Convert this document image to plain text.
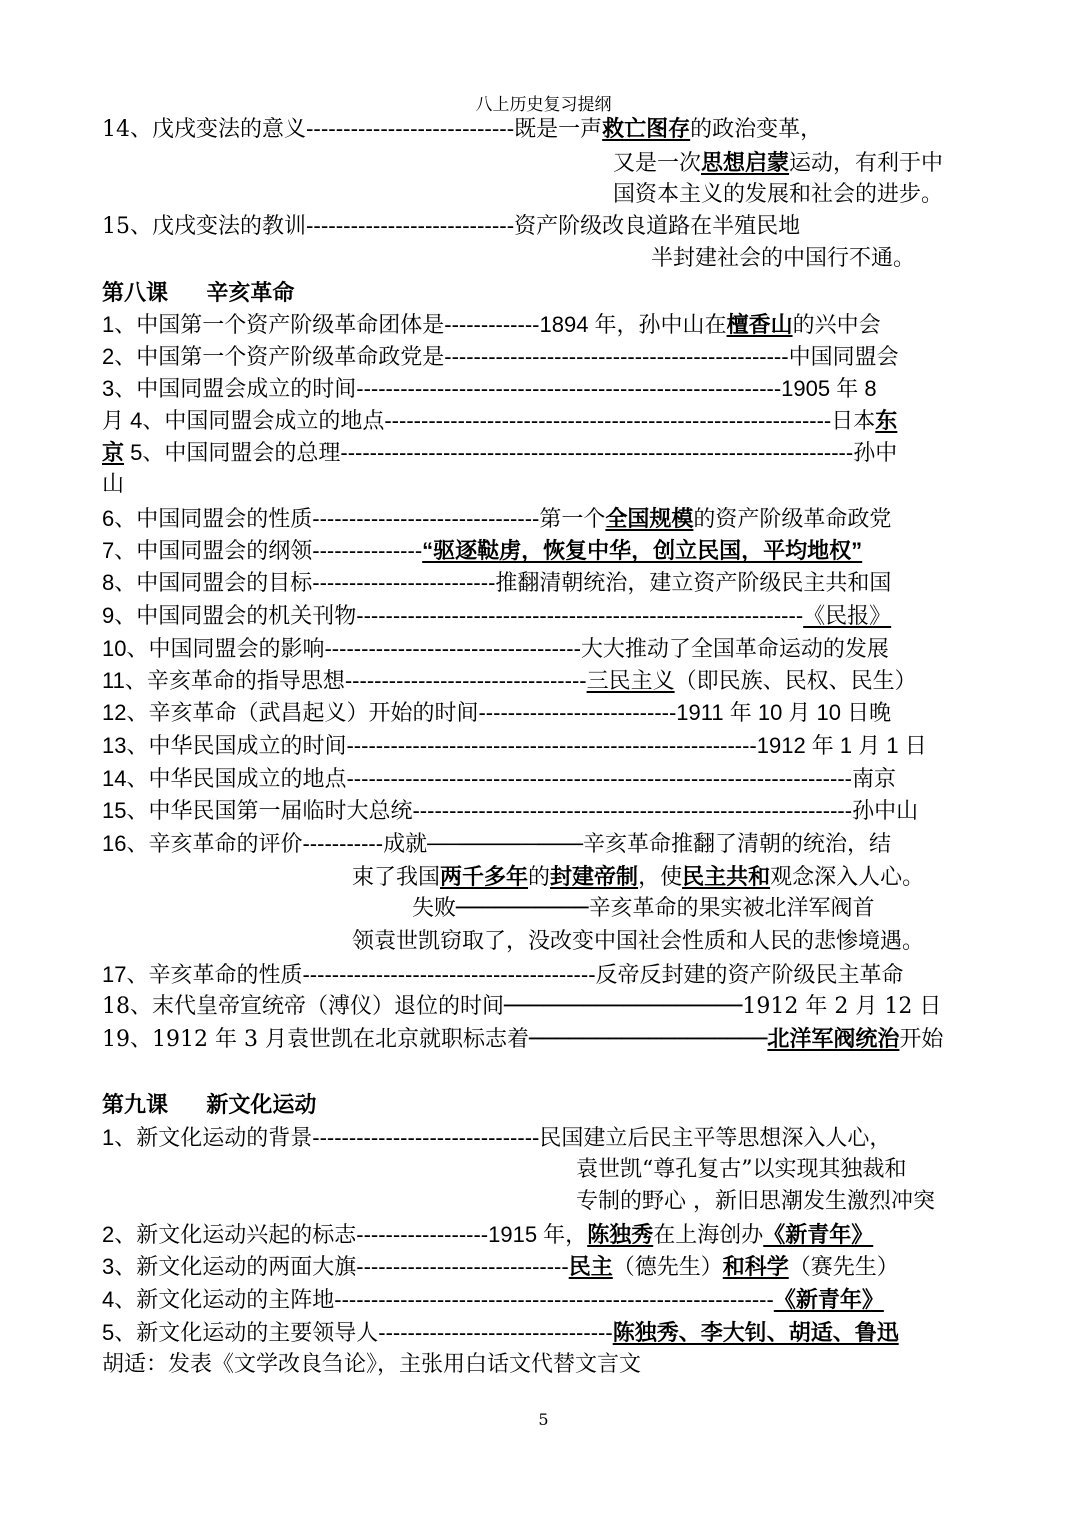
八上历史复习提纲
14、戊戌变法的意义----------------------------既是一声救亡图存的政治变革，
又是一次思想启蒙运动，有利于中
国资本主义的发展和社会的进步。
15、戊戌变法的教训----------------------------资产阶级改良道路在半殖民地
半封建社会的中国行不通。
第八课 辛亥革命
1、中国第一个资产阶级革命团体是-------------1894 年，孙中山在檀香山的兴中会
2、中国第一个资产阶级革命政党是-----------------------------------------------中国同盟会
3、中国同盟会成立的时间----------------------------------------------------------1905 年 8
月 4、中国同盟会成立的地点-------------------------------------------------------------日本东
京 5、中国同盟会的总理----------------------------------------------------------------------孙中
山
6、中国同盟会的性质-------------------------------第一个全国规模的资产阶级革命政党
7、中国同盟会的纲领---------------“驱逐鞑虏，恢复中华，创立民国，平均地权”
8、中国同盟会的目标-------------------------推翻清朝统治，建立资产阶级民主共和国
9、中国同盟会的机关刊物-------------------------------------------------------------《民报》
10、中国同盟会的影响-----------------------------------大大推动了全国革命运动的发展
11、辛亥革命的指导思想---------------------------------三民主义（即民族、民权、民生）
12、辛亥革命（武昌起义）开始的时间---------------------------1911 年 10 月 10 日晚
13、中华民国成立的时间--------------------------------------------------------1912 年 1 月 1 日
14、中华民国成立的地点---------------------------------------------------------------------南京
15、中华民国第一届临时大总统------------------------------------------------------------孙中山
16、辛亥革命的评价-----------成就──────────辛亥革命推翻了清朝的统治，结
束了我国两千多年的封建帝制，使民主共和观念深入人心。
失败──────────辛亥革命的果实被北洋军阀首
领袁世凯窃取了，没改变中国社会性质和人民的悲惨境遇。
17、辛亥革命的性质----------------------------------------反帝反封建的资产阶级民主革命
18、末代皇帝宣统帝（溥仪）退位的时间──────────────────1912 年 2 月 12 日
19、1912 年 3 月袁世凯在北京就职标志着──────────────────北洋军阀统治开始
第九课 新文化运动
1、新文化运动的背景-------------------------------民国建立后民主平等思想深入人心，
袁世凯“尊孔复古”以实现其独裁和
专制的野心 ，新旧思潮发生激烈冲突
2、新文化运动兴起的标志------------------1915 年，陈独秀在上海创办《新青年》
3、新文化运动的两面大旗-----------------------------民主（德先生）和科学（赛先生）
4、新文化运动的主阵地------------------------------------------------------------《新青年》
5、新文化运动的主要领导人--------------------------------陈独秀、李大钊、胡适、鲁迅
胡适：发表《文学改良刍论》，主张用白话文代替文言文
5
